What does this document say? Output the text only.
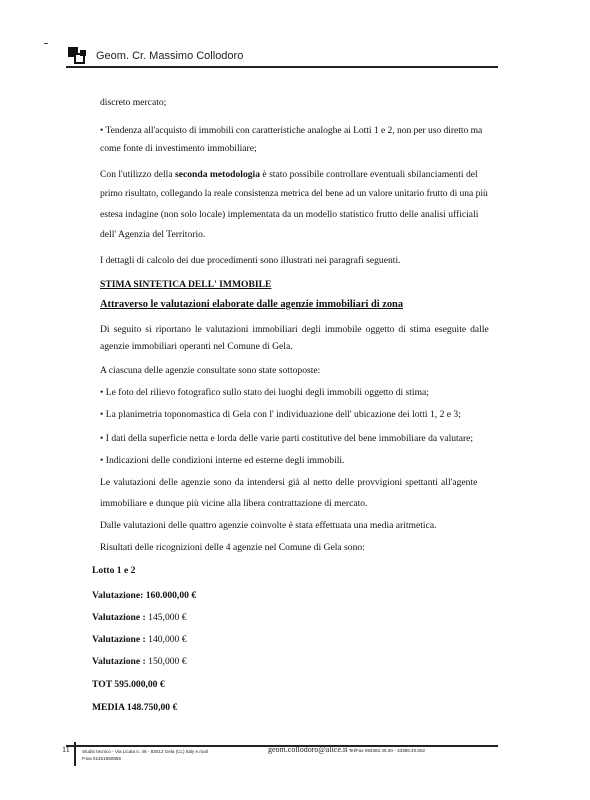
Geom. Cr. Massimo Collodoro

discreto mercato;

• Tendenza all'acquisto di immobili con caratteristiche analoghe ai Lotti 1 e 2, non per uso diretto ma

come fonte di investimento immobiliare;

Con l'utilizzo della seconda metodologia è stato possibile controllare eventuali sbilanciamenti del

primo risultato, collegando la reale consistenza metrica del bene ad un valore unitario frutto di una più

estesa indagine (non solo locale) implementata da un modello statistico frutto delle analisi ufficiali

dell' Agenzia del Territorio.

I dettagli di calcolo dei due procedimenti sono illustrati nei paragrafi seguenti.

STIMA SINTETICA DELL' IMMOBILE

Attraverso le valutazioni elaborate dalle agenzie immobiliari di zona

Di seguito si riportano le valutazioni immobiliari degli immobile oggetto di stima eseguite dalle

agenzie immobiliari operanti nel Comune di Gela.

A ciascuna delle agenzie consultate sono state sottoposte:

• Le foto del rilievo fotografico sullo stato dei luoghi degli immobili oggetto di stima;

• La planimetria toponomastica di Gela con l' individuazione dell' ubicazione dei lotti 1, 2 e 3;

• I dati della superficie netta e lorda delle varie parti costitutive del bene immobiliare da valutare;

• Indicazioni delle condizioni interne ed esterne degli immobili.

Le valutazioni delle agenzie sono da intendersi già al netto delle provvigioni spettanti all'agente

immobiliare e dunque più vicine alla libera contrattazione di mercato.

Dalle valutazioni delle quattro agenzie coinvolte è stata effettuata una media aritmetica.

Risultati delle ricognizioni delle 4 agenzie nel Comune di Gela sono:

Lotto 1 e 2

Valutazione: 160.000,00 €

Valutazione : 145,000 €

Valutazione : 140,000 €

Valutazione : 150,000 €

TOT 595.000,00 €

MEDIA 148.750,00 €

11	Studio tecnico - Via Licata n. 46 - 93012 Gela (CL) Italy e.mail	geom.collodoro@alice.it
- Tel/Fax 093382.48.30 - 33386.40.652
P.iva 01451650855
